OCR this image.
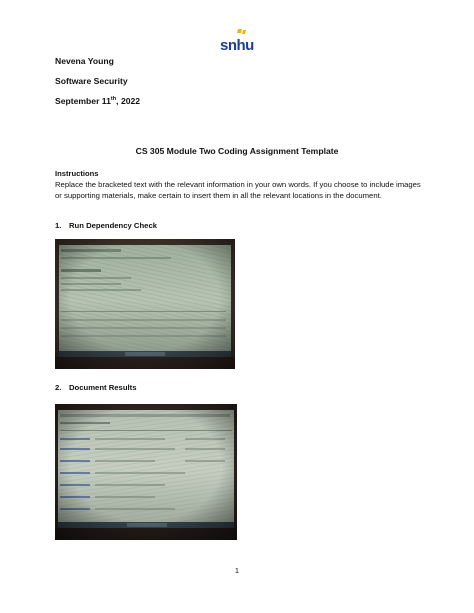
snhu
Nevena Young
Software Security
September 11th, 2022
CS 305 Module Two Coding Assignment Template
Instructions
Replace the bracketed text with the relevant information in your own words. If you choose to include images or supporting materials, make certain to insert them in all the relevant locations in the document.
1. Run Dependency Check
2. Document Results
1
